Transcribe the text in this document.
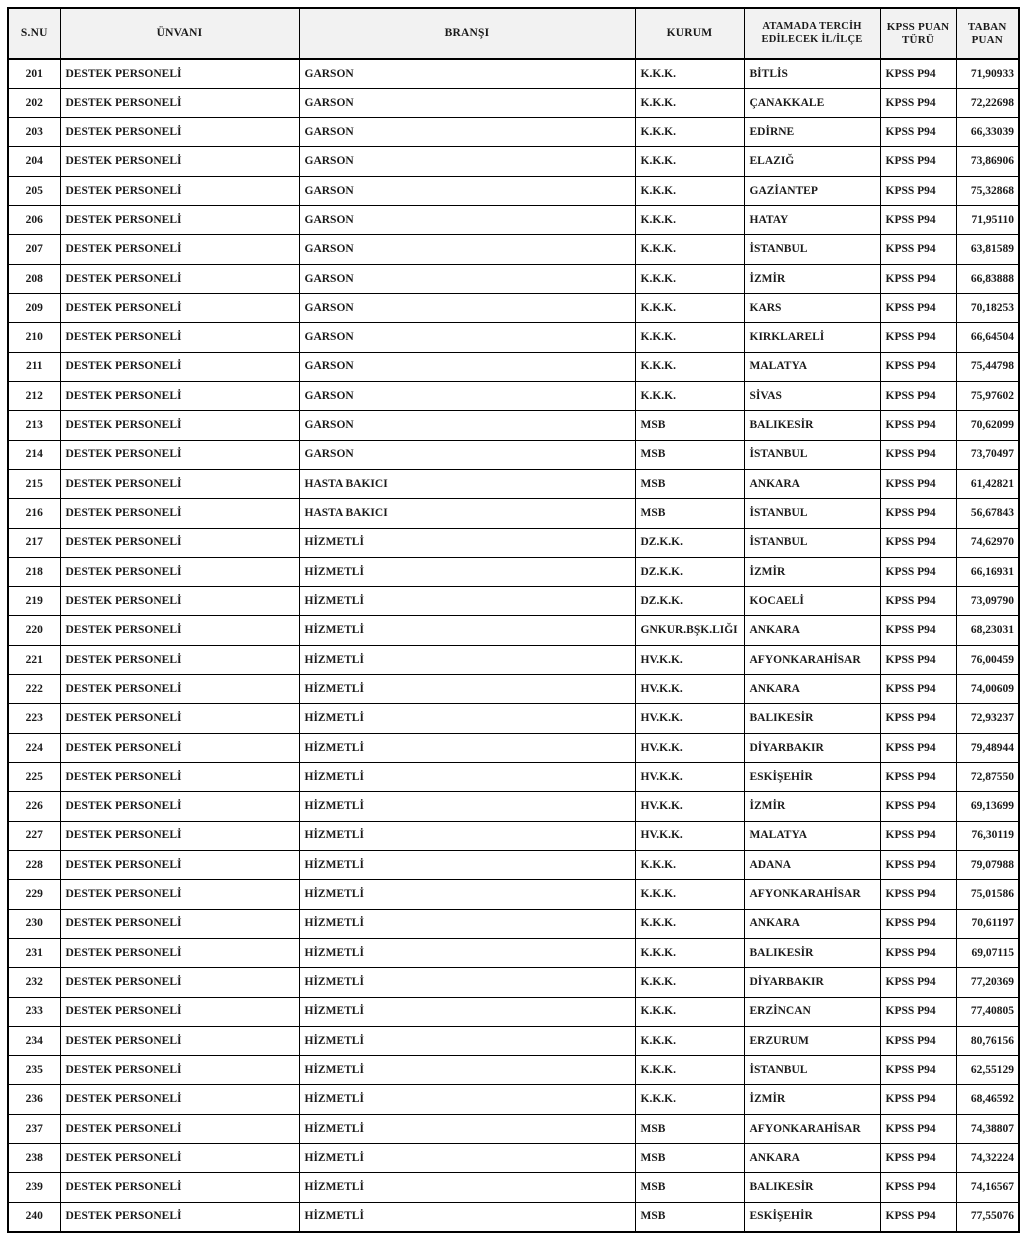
S.NU	ÜNVANI	BRANŞI	KURUM	ATAMADA TERCİH EDİLECEK İL/İLÇE	KPSS PUAN TÜRÜ	TABAN PUAN
201	DESTEK PERSONELİ	GARSON	K.K.K.	BİTLİS	KPSS P94	71,90933
202	DESTEK PERSONELİ	GARSON	K.K.K.	ÇANAKKALE	KPSS P94	72,22698
203	DESTEK PERSONELİ	GARSON	K.K.K.	EDİRNE	KPSS P94	66,33039
204	DESTEK PERSONELİ	GARSON	K.K.K.	ELAZIĞ	KPSS P94	73,86906
205	DESTEK PERSONELİ	GARSON	K.K.K.	GAZİANTEP	KPSS P94	75,32868
206	DESTEK PERSONELİ	GARSON	K.K.K.	HATAY	KPSS P94	71,95110
207	DESTEK PERSONELİ	GARSON	K.K.K.	İSTANBUL	KPSS P94	63,81589
208	DESTEK PERSONELİ	GARSON	K.K.K.	İZMİR	KPSS P94	66,83888
209	DESTEK PERSONELİ	GARSON	K.K.K.	KARS	KPSS P94	70,18253
210	DESTEK PERSONELİ	GARSON	K.K.K.	KIRKLARELİ	KPSS P94	66,64504
211	DESTEK PERSONELİ	GARSON	K.K.K.	MALATYA	KPSS P94	75,44798
212	DESTEK PERSONELİ	GARSON	K.K.K.	SİVAS	KPSS P94	75,97602
213	DESTEK PERSONELİ	GARSON	MSB	BALIKESİR	KPSS P94	70,62099
214	DESTEK PERSONELİ	GARSON	MSB	İSTANBUL	KPSS P94	73,70497
215	DESTEK PERSONELİ	HASTA BAKICI	MSB	ANKARA	KPSS P94	61,42821
216	DESTEK PERSONELİ	HASTA BAKICI	MSB	İSTANBUL	KPSS P94	56,67843
217	DESTEK PERSONELİ	HİZMETLİ	DZ.K.K.	İSTANBUL	KPSS P94	74,62970
218	DESTEK PERSONELİ	HİZMETLİ	DZ.K.K.	İZMİR	KPSS P94	66,16931
219	DESTEK PERSONELİ	HİZMETLİ	DZ.K.K.	KOCAELİ	KPSS P94	73,09790
220	DESTEK PERSONELİ	HİZMETLİ	GNKUR.BŞK.LIĞI	ANKARA	KPSS P94	68,23031
221	DESTEK PERSONELİ	HİZMETLİ	HV.K.K.	AFYONKARAHİSAR	KPSS P94	76,00459
222	DESTEK PERSONELİ	HİZMETLİ	HV.K.K.	ANKARA	KPSS P94	74,00609
223	DESTEK PERSONELİ	HİZMETLİ	HV.K.K.	BALIKESİR	KPSS P94	72,93237
224	DESTEK PERSONELİ	HİZMETLİ	HV.K.K.	DİYARBAKIR	KPSS P94	79,48944
225	DESTEK PERSONELİ	HİZMETLİ	HV.K.K.	ESKİŞEHİR	KPSS P94	72,87550
226	DESTEK PERSONELİ	HİZMETLİ	HV.K.K.	İZMİR	KPSS P94	69,13699
227	DESTEK PERSONELİ	HİZMETLİ	HV.K.K.	MALATYA	KPSS P94	76,30119
228	DESTEK PERSONELİ	HİZMETLİ	K.K.K.	ADANA	KPSS P94	79,07988
229	DESTEK PERSONELİ	HİZMETLİ	K.K.K.	AFYONKARAHİSAR	KPSS P94	75,01586
230	DESTEK PERSONELİ	HİZMETLİ	K.K.K.	ANKARA	KPSS P94	70,61197
231	DESTEK PERSONELİ	HİZMETLİ	K.K.K.	BALIKESİR	KPSS P94	69,07115
232	DESTEK PERSONELİ	HİZMETLİ	K.K.K.	DİYARBAKIR	KPSS P94	77,20369
233	DESTEK PERSONELİ	HİZMETLİ	K.K.K.	ERZİNCAN	KPSS P94	77,40805
234	DESTEK PERSONELİ	HİZMETLİ	K.K.K.	ERZURUM	KPSS P94	80,76156
235	DESTEK PERSONELİ	HİZMETLİ	K.K.K.	İSTANBUL	KPSS P94	62,55129
236	DESTEK PERSONELİ	HİZMETLİ	K.K.K.	İZMİR	KPSS P94	68,46592
237	DESTEK PERSONELİ	HİZMETLİ	MSB	AFYONKARAHİSAR	KPSS P94	74,38807
238	DESTEK PERSONELİ	HİZMETLİ	MSB	ANKARA	KPSS P94	74,32224
239	DESTEK PERSONELİ	HİZMETLİ	MSB	BALIKESİR	KPSS P94	74,16567
240	DESTEK PERSONELİ	HİZMETLİ	MSB	ESKİŞEHİR	KPSS P94	77,55076
